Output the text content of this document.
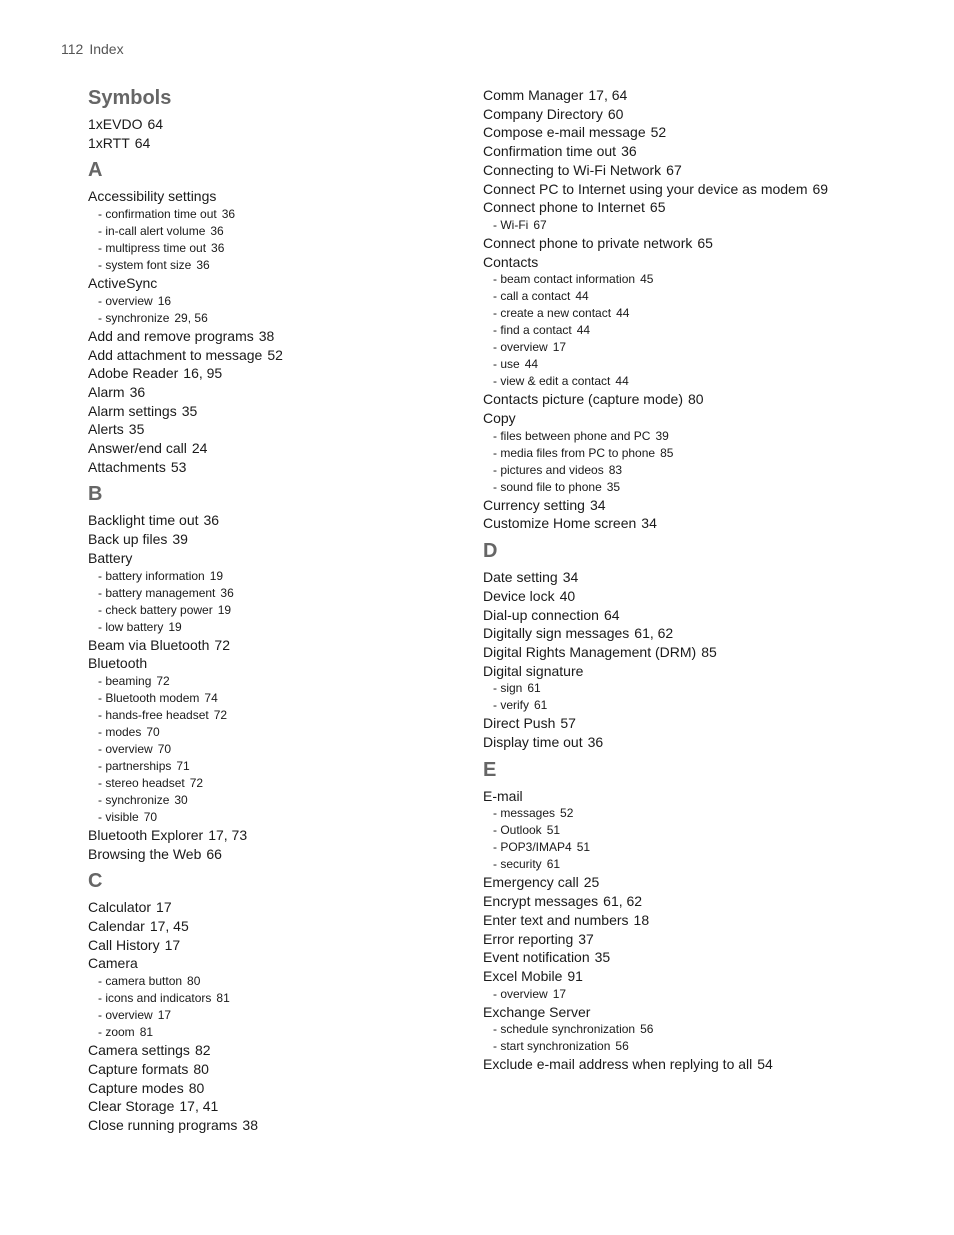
112 Index
Symbols
1xEVDO 64
1xRTT 64
A
Accessibility settings
- confirmation time out 36
- in-call alert volume 36
- multipress time out 36
- system font size 36
ActiveSync
- overview 16
- synchronize 29, 56
Add and remove programs 38
Add attachment to message 52
Adobe Reader 16, 95
Alarm 36
Alarm settings 35
Alerts 35
Answer/end call 24
Attachments 53
B
Backlight time out 36
Back up files 39
Battery
- battery information 19
- battery management 36
- check battery power 19
- low battery 19
Beam via Bluetooth 72
Bluetooth
- beaming 72
- Bluetooth modem 74
- hands-free headset 72
- modes 70
- overview 70
- partnerships 71
- stereo headset 72
- synchronize 30
- visible 70
Bluetooth Explorer 17, 73
Browsing the Web 66
C
Calculator 17
Calendar 17, 45
Call History 17
Camera
- camera button 80
- icons and indicators 81
- overview 17
- zoom 81
Camera settings 82
Capture formats 80
Capture modes 80
Clear Storage 17, 41
Close running programs 38
Comm Manager 17, 64
Company Directory 60
Compose e-mail message 52
Confirmation time out 36
Connecting to Wi-Fi Network 67
Connect PC to Internet using your device as modem 69
Connect phone to Internet 65
- Wi-Fi 67
Connect phone to private network 65
Contacts
- beam contact information 45
- call a contact 44
- create a new contact 44
- find a contact 44
- overview 17
- use 44
- view & edit a contact 44
Contacts picture (capture mode) 80
Copy
- files between phone and PC 39
- media files from PC to phone 85
- pictures and videos 83
- sound file to phone 35
Currency setting 34
Customize Home screen 34
D
Date setting 34
Device lock 40
Dial-up connection 64
Digitally sign messages 61, 62
Digital Rights Management (DRM) 85
Digital signature
- sign 61
- verify 61
Direct Push 57
Display time out 36
E
E-mail
- messages 52
- Outlook 51
- POP3/IMAP4 51
- security 61
Emergency call 25
Encrypt messages 61, 62
Enter text and numbers 18
Error reporting 37
Event notification 35
Excel Mobile 91
- overview 17
Exchange Server
- schedule synchronization 56
- start synchronization 56
Exclude e-mail address when replying to all 54
